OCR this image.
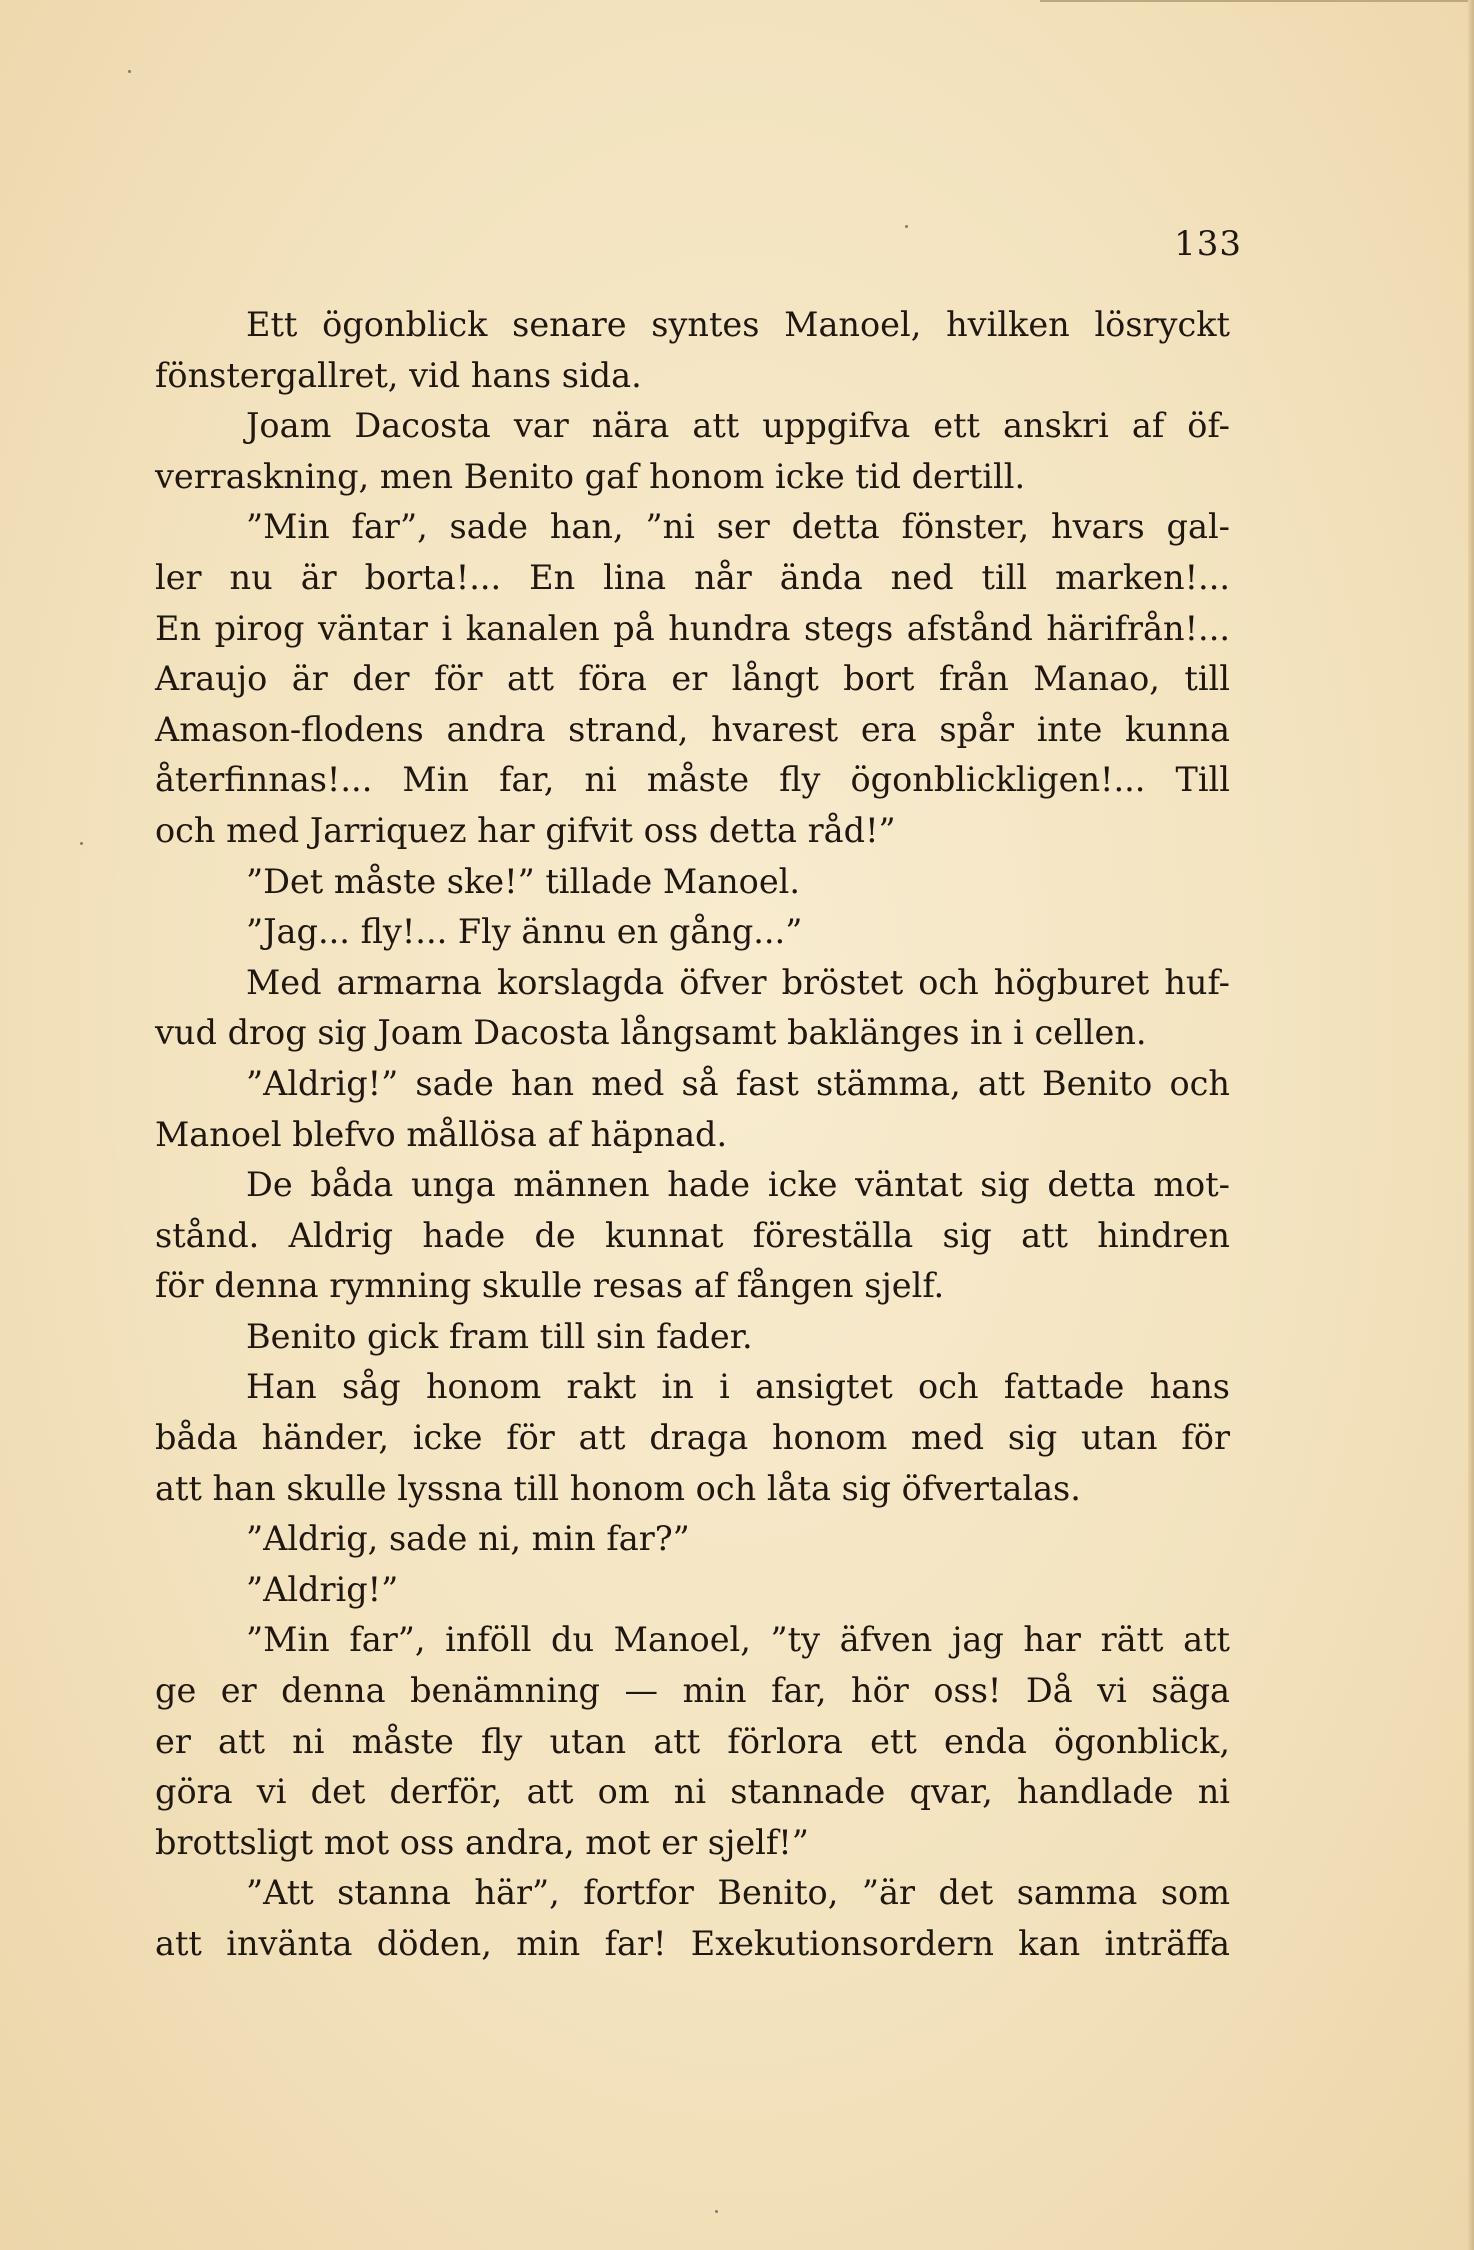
133
Ett ögonblick senare syntes Manoel, hvilken lösryckt
fönstergallret, vid hans sida.
Joam Dacosta var nära att uppgifva ett anskri af öf-
verraskning, men Benito gaf honom icke tid dertill.
”Min far”, sade han, ”ni ser detta fönster, hvars gal-
ler nu är borta!... En lina når ända ned till marken!...
En pirog väntar i kanalen på hundra stegs afstånd härifrån!...
Araujo är der för att föra er långt bort från Manao, till
Amason-flodens andra strand, hvarest era spår inte kunna
återfinnas!... Min far, ni måste fly ögonblickligen!... Till
och med Jarriquez har gifvit oss detta råd!”
”Det måste ske!” tillade Manoel.
”Jag... fly!... Fly ännu en gång...”
Med armarna korslagda öfver bröstet och högburet huf-
vud drog sig Joam Dacosta långsamt baklänges in i cellen.
”Aldrig!” sade han med så fast stämma, att Benito och
Manoel blefvo mållösa af häpnad.
De båda unga männen hade icke väntat sig detta mot-
stånd. Aldrig hade de kunnat föreställa sig att hindren
för denna rymning skulle resas af fången sjelf.
Benito gick fram till sin fader.
Han såg honom rakt in i ansigtet och fattade hans
båda händer, icke för att draga honom med sig utan för
att han skulle lyssna till honom och låta sig öfvertalas.
”Aldrig, sade ni, min far?”
”Aldrig!”
”Min far”, inföll du Manoel, ”ty äfven jag har rätt att
ge er denna benämning — min far, hör oss! Då vi säga
er att ni måste fly utan att förlora ett enda ögonblick,
göra vi det derför, att om ni stannade qvar, handlade ni
brottsligt mot oss andra, mot er sjelf!”
”Att stanna här”, fortfor Benito, ”är det samma som
att invänta döden, min far! Exekutionsordern kan inträffa
